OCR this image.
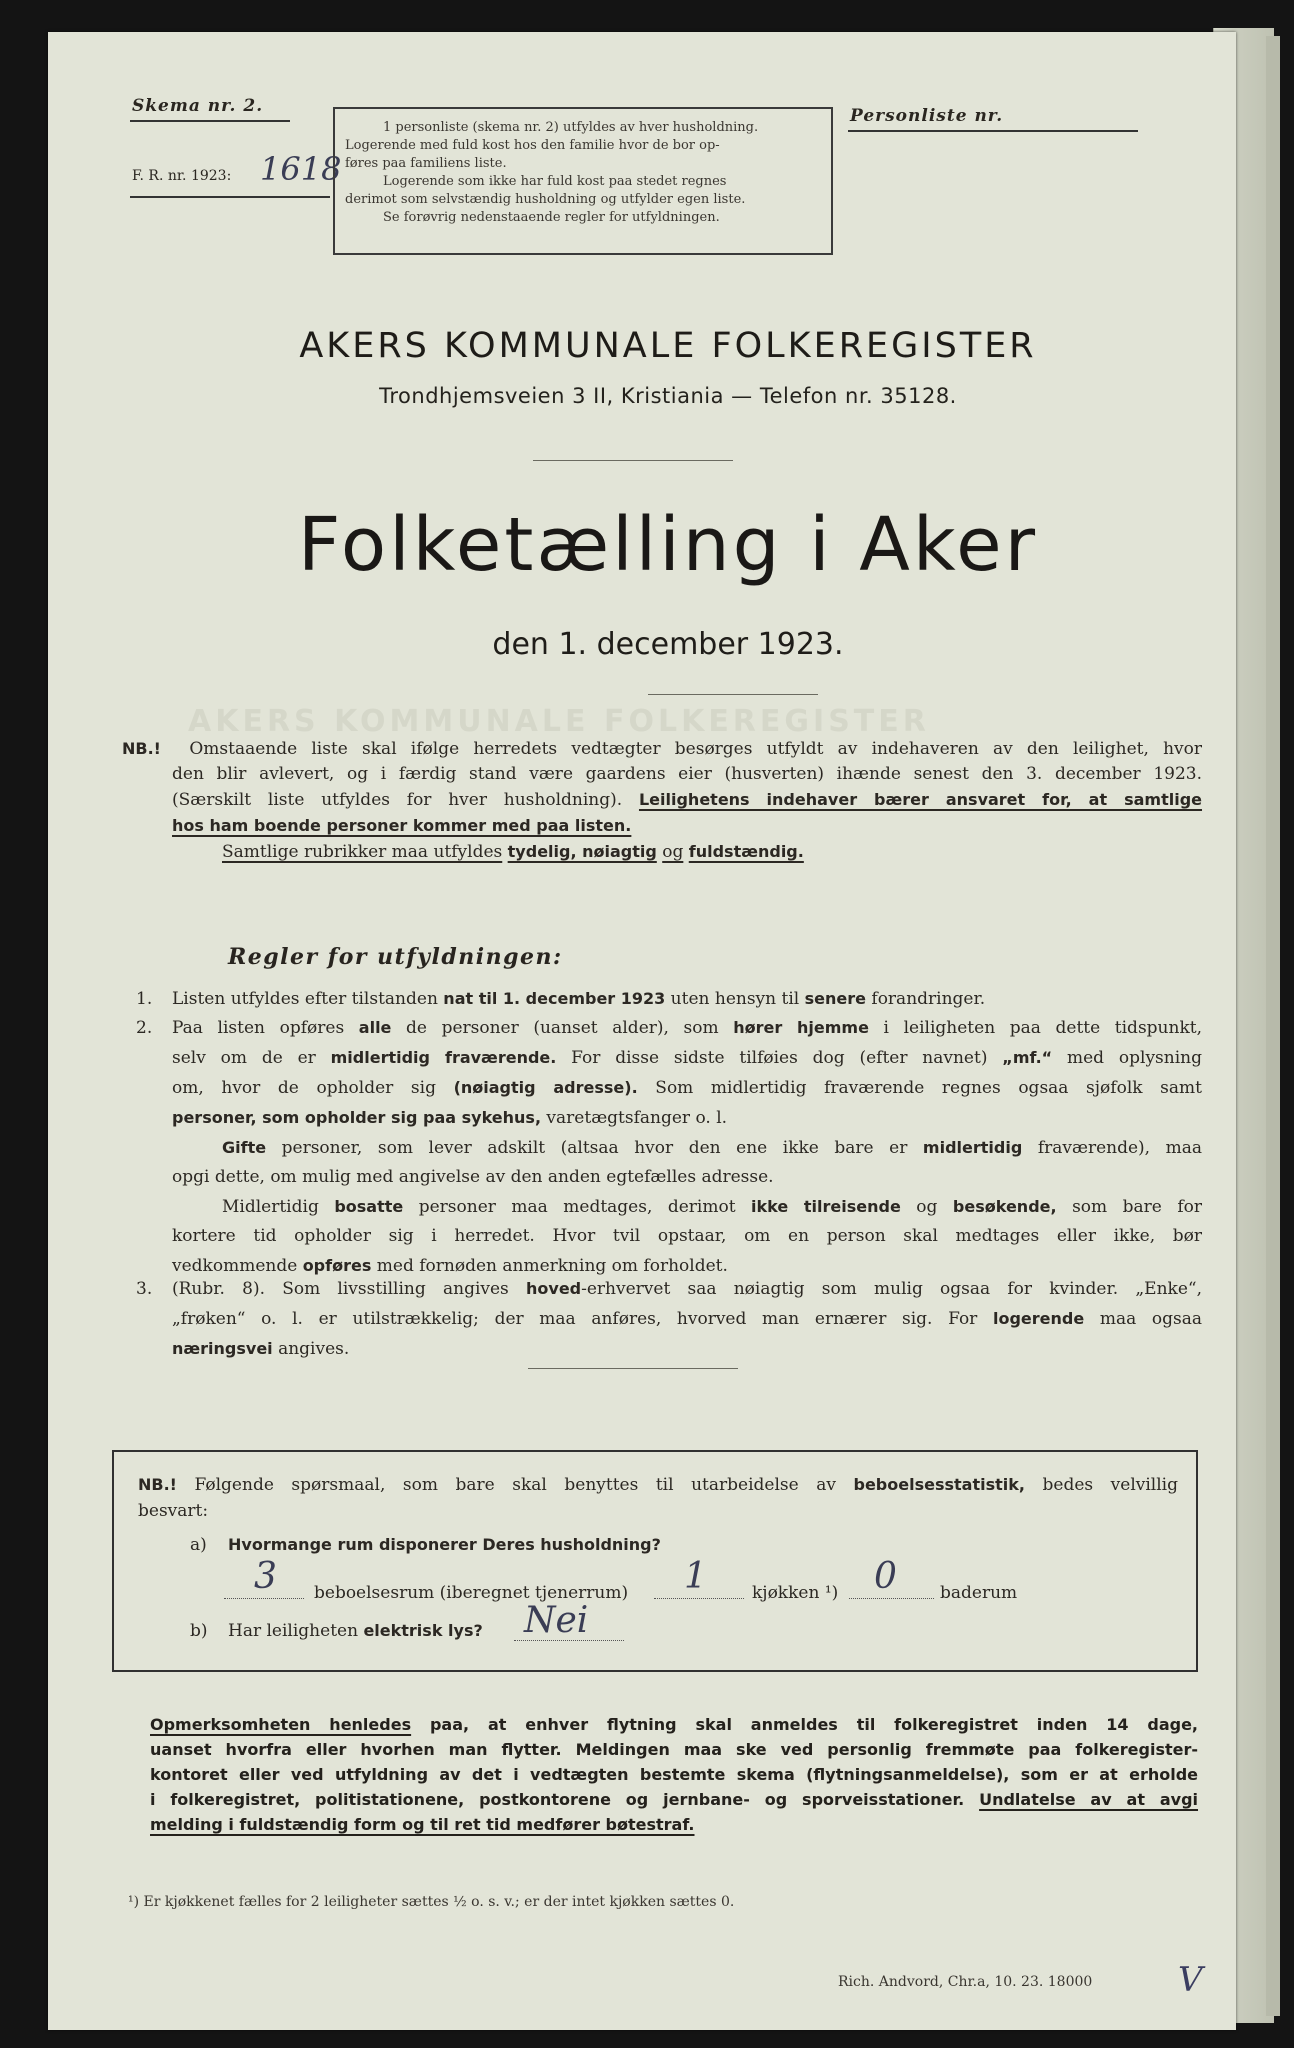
AKERS KOMMUNALE FOLKEREGISTER
Skema nr. 2.
F. R. nr. 1923: 1618

1 personliste (skema nr. 2) utfyldes av hver husholdning.

Logerende med fuld kost hos den familie hvor de bor op-

føres paa familiens liste.

Logerende som ikke har fuld kost paa stedet regnes

derimot som selvstændig husholdning og utfylder egen liste.

Se forøvrig nedenstaaende regler for utfyldningen.

Personliste nr.
AKERS KOMMUNALE FOLKEREGISTER
Trondhjemsveien 3 II, Kristiania — Telefon nr. 35128.
Folketælling i Aker
den 1. december 1923.
NB.! Omstaaende liste skal ifølge herredets vedtægter besørges utfyldt av indehaveren av den leilighet, hvor
den blir avlevert, og i færdig stand være gaardens eier (husverten) ihænde senest den 3. december 1923.
(Særskilt liste utfyldes for hver husholdning). Leilighetens indehaver bærer ansvaret for, at samtlige
hos ham boende personer kommer med paa listen.
Samtlige rubrikker maa utfyldes tydelig, nøiagtig og fuldstændig.
Regler for utfyldningen:
1. Listen utfyldes efter tilstanden nat til 1. december 1923 uten hensyn til senere forandringer.
2. Paa listen opføres alle de personer (uanset alder), som hører hjemme i leiligheten paa dette tidspunkt,
selv om de er midlertidig fraværende. For disse sidste tilføies dog (efter navnet) „mf.“ med oplysning
om, hvor de opholder sig (nøiagtig adresse). Som midlertidig fraværende regnes ogsaa sjøfolk samt
personer, som opholder sig paa sykehus, varetægtsfanger o. l.
Gifte personer, som lever adskilt (altsaa hvor den ene ikke bare er midlertidig fraværende), maa
opgi dette, om mulig med angivelse av den anden egtefælles adresse.
Midlertidig bosatte personer maa medtages, derimot ikke tilreisende og besøkende, som bare for
kortere tid opholder sig i herredet. Hvor tvil opstaar, om en person skal medtages eller ikke, bør
vedkommende opføres med fornøden anmerkning om forholdet.
3. (Rubr. 8). Som livsstilling angives hoved-erhvervet saa nøiagtig som mulig ogsaa for kvinder. „Enke“,
„frøken“ o. l. er utilstrækkelig; der maa anføres, hvorved man ernærer sig. For logerende maa ogsaa
næringsvei angives.
NB.! Følgende spørsmaal, som bare skal benyttes til utarbeidelse av beboelsesstatistik, bedes velvillig
besvart:
a) Hvormange rum disponerer Deres husholdning?
3 beboelsesrum (iberegnet tjenerrum) 1	kjøkken ¹) 0	baderum
b) Har leiligheten elektrisk lys? Nei
Opmerksomheten henledes paa, at enhver flytning skal anmeldes til folkeregistret inden 14 dage,
uanset hvorfra eller hvorhen man flytter. Meldingen maa ske ved personlig fremmøte paa folkeregister-
kontoret eller ved utfyldning av det i vedtægten bestemte skema (flytningsanmeldelse), som er at erholde
i folkeregistret, politistationene, postkontorene og jernbane- og sporveisstationer. Undlatelse av at avgi
melding i fuldstændig form og til ret tid medfører bøtestraf.
¹) Er kjøkkenet fælles for 2 leiligheter sættes ½ o. s. v.; er der intet kjøkken sættes 0.
Rich. Andvord, Chr.a, 10. 23. 18000	V
